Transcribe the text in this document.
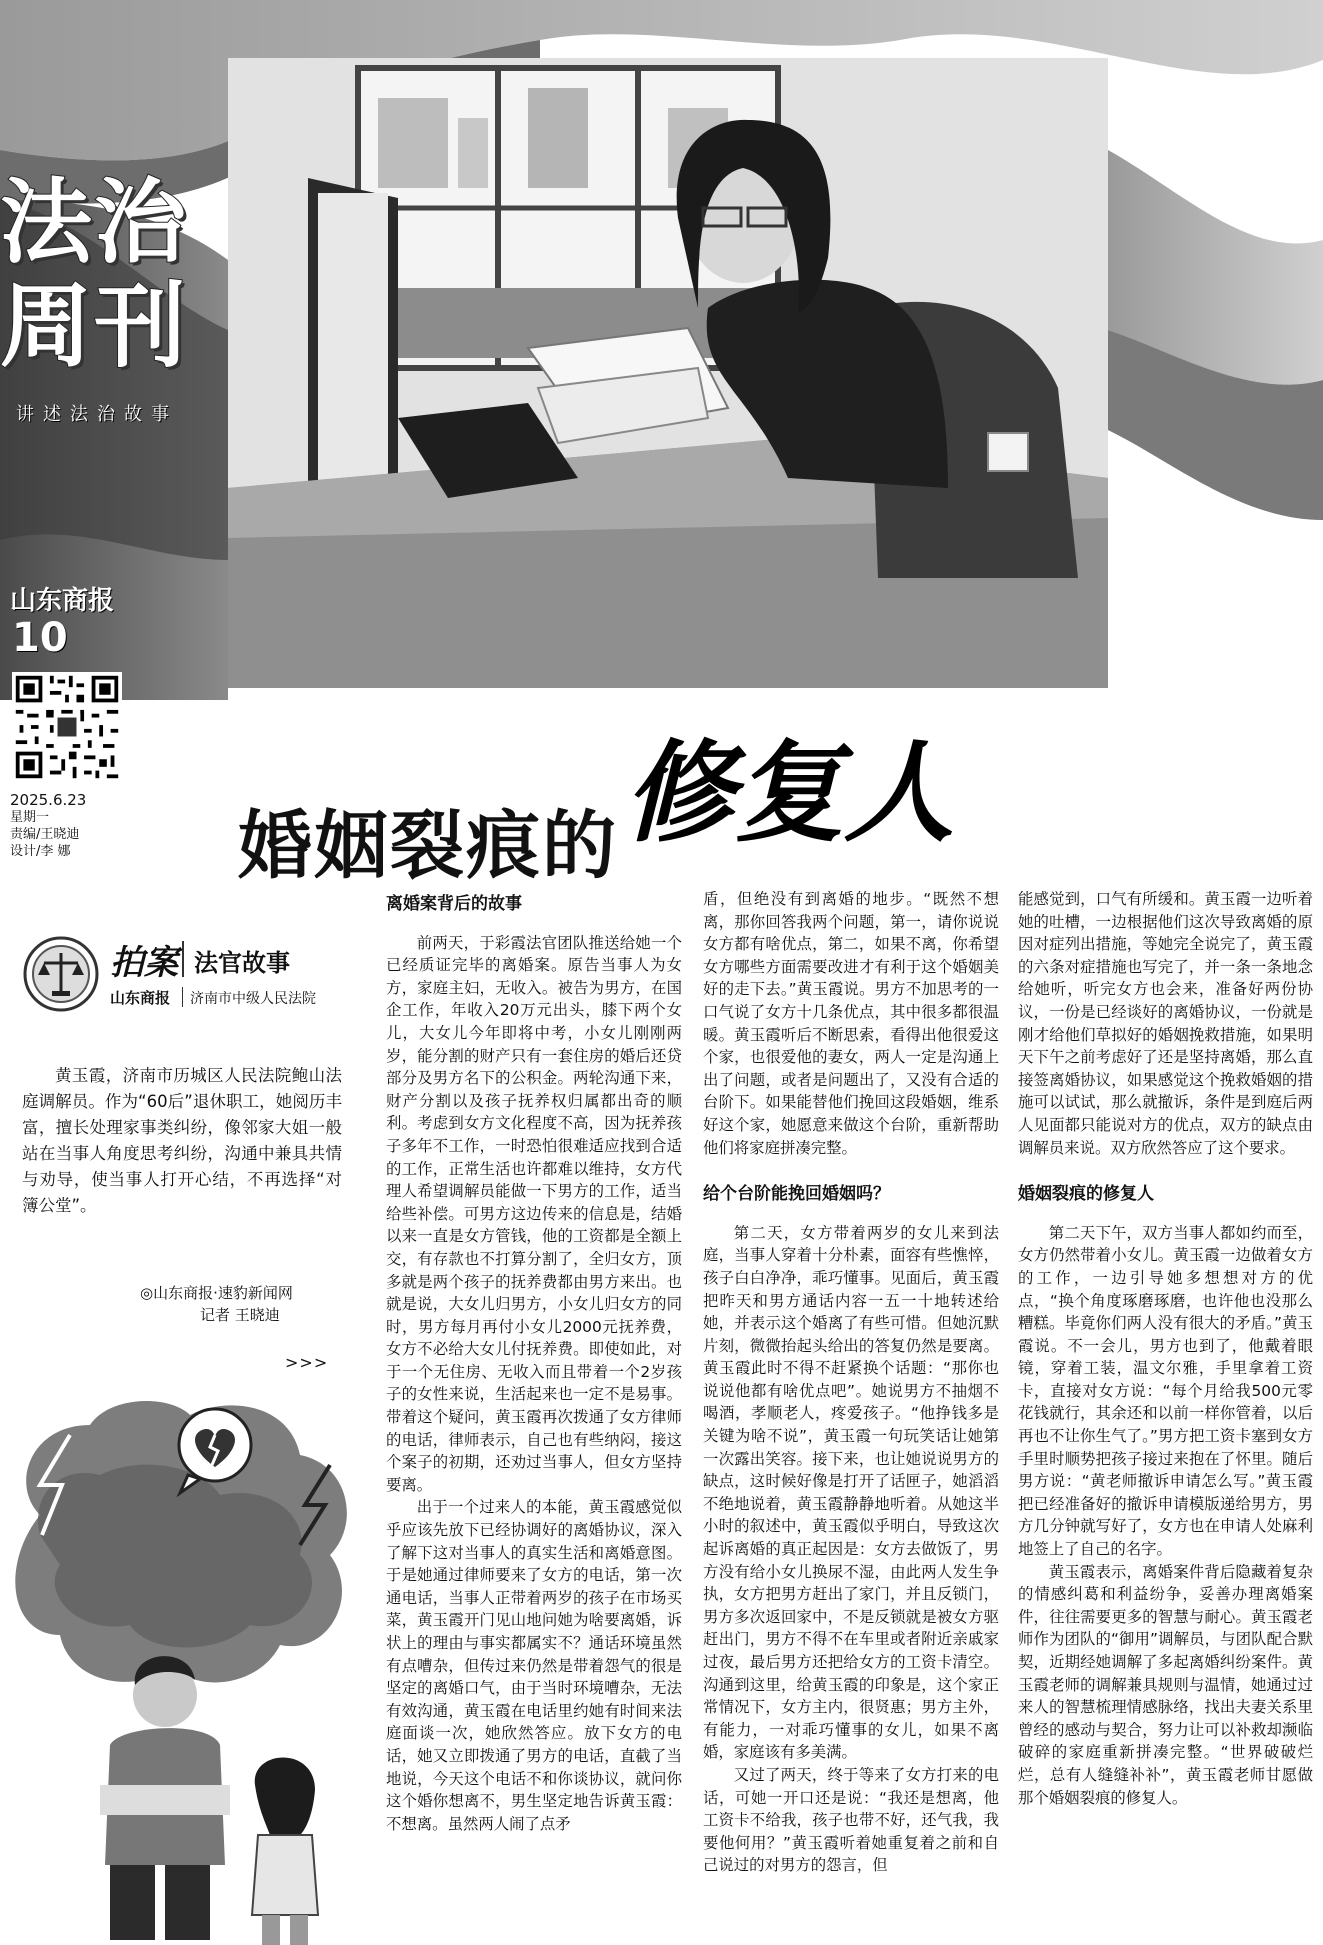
法治
周刊
讲述法治故事
山东商报
10
2025.6.23
星期一
责编/王晓迪
设计/李 娜 婚姻裂痕的修复人
拍案 法官故事
山东商报 济南市中级人民法院

黄玉霞，济南市历城区人民法院鲍山法庭调解员。作为“60后”退休职工，她阅历丰富，擅长处理家事类纠纷，像邻家大姐一般站在当事人角度思考纠纷，沟通中兼具共情与劝导，使当事人打开心结，不再选择“对簿公堂”。

◎山东商报·速豹新闻网
记者 王晓迪
>>>
离婚案背后的故事

前两天，于彩霞法官团队推送给她一个已经质证完毕的离婚案。原告当事人为女方，家庭主妇，无收入。被告为男方，在国企工作，年收入20万元出头，膝下两个女儿，大女儿今年即将中考，小女儿刚刚两岁，能分割的财产只有一套住房的婚后还贷部分及男方名下的公积金。两轮沟通下来，财产分割以及孩子抚养权归属都出奇的顺利。考虑到女方文化程度不高，因为抚养孩子多年不工作，一时恐怕很难适应找到合适的工作，正常生活也许都难以维持，女方代理人希望调解员能做一下男方的工作，适当给些补偿。可男方这边传来的信息是，结婚以来一直是女方管钱，他的工资都是全额上交，有存款也不打算分割了，全归女方，顶多就是两个孩子的抚养费都由男方来出。也就是说，大女儿归男方，小女儿归女方的同时，男方每月再付小女儿2000元抚养费，女方不必给大女儿付抚养费。即使如此，对于一个无住房、无收入而且带着一个2岁孩子的女性来说，生活起来也一定不是易事。带着这个疑问，黄玉霞再次拨通了女方律师的电话，律师表示，自己也有些纳闷，接这个案子的初期，还劝过当事人，但女方坚持要离。

出于一个过来人的本能，黄玉霞感觉似乎应该先放下已经协调好的离婚协议，深入了解下这对当事人的真实生活和离婚意图。于是她通过律师要来了女方的电话，第一次通电话，当事人正带着两岁的孩子在市场买菜，黄玉霞开门见山地问她为啥要离婚，诉状上的理由与事实都属实不？通话环境虽然有点嘈杂，但传过来仍然是带着怨气的很是坚定的离婚口气，由于当时环境嘈杂，无法有效沟通，黄玉霞在电话里约她有时间来法庭面谈一次，她欣然答应。放下女方的电话，她又立即拨通了男方的电话，直截了当地说，今天这个电话不和你谈协议，就问你这个婚你想离不，男生坚定地告诉黄玉霞：不想离。虽然两人闹了点矛

盾，但绝没有到离婚的地步。“既然不想离，那你回答我两个问题，第一，请你说说女方都有啥优点，第二，如果不离，你希望女方哪些方面需要改进才有利于这个婚姻美好的走下去。”黄玉霞说。男方不加思考的一口气说了女方十几条优点，其中很多都很温暖。黄玉霞听后不断思索，看得出他很爱这个家，也很爱他的妻女，两人一定是沟通上出了问题，或者是问题出了，又没有合适的台阶下。如果能替他们挽回这段婚姻，维系好这个家，她愿意来做这个台阶，重新帮助他们将家庭拼凑完整。

给个台阶能挽回婚姻吗？

第二天，女方带着两岁的女儿来到法庭，当事人穿着十分朴素，面容有些憔悴，孩子白白净净，乖巧懂事。见面后，黄玉霞把昨天和男方通话内容一五一十地转述给她，并表示这个婚离了有些可惜。但她沉默片刻，微微抬起头给出的答复仍然是要离。黄玉霞此时不得不赶紧换个话题：“那你也说说他都有啥优点吧”。她说男方不抽烟不喝酒，孝顺老人，疼爱孩子。“他挣钱多是关键为啥不说”，黄玉霞一句玩笑话让她第一次露出笑容。接下来，也让她说说男方的缺点，这时候好像是打开了话匣子，她滔滔不绝地说着，黄玉霞静静地听着。从她这半小时的叙述中，黄玉霞似乎明白，导致这次起诉离婚的真正起因是：女方去做饭了，男方没有给小女儿换尿不湿，由此两人发生争执，女方把男方赶出了家门，并且反锁门，男方多次返回家中，不是反锁就是被女方驱赶出门，男方不得不在车里或者附近亲戚家过夜，最后男方还把给女方的工资卡清空。沟通到这里，给黄玉霞的印象是，这个家正常情况下，女方主内，很贤惠；男方主外，有能力，一对乖巧懂事的女儿，如果不离婚，家庭该有多美满。

又过了两天，终于等来了女方打来的电话，可她一开口还是说：“我还是想离，他工资卡不给我，孩子也带不好，还气我，我要他何用？”黄玉霞听着她重复着之前和自己说过的对男方的怨言，但

能感觉到，口气有所缓和。黄玉霞一边听着她的吐槽，一边根据他们这次导致离婚的原因对症列出措施，等她完全说完了，黄玉霞的六条对症措施也写完了，并一条一条地念给她听，听完女方也会来，准备好两份协议，一份是已经谈好的离婚协议，一份就是刚才给他们草拟好的婚姻挽救措施，如果明天下午之前考虑好了还是坚持离婚，那么直接签离婚协议，如果感觉这个挽救婚姻的措施可以试试，那么就撤诉，条件是到庭后两人见面都只能说对方的优点，双方的缺点由调解员来说。双方欣然答应了这个要求。

婚姻裂痕的修复人

第二天下午，双方当事人都如约而至，女方仍然带着小女儿。黄玉霞一边做着女方的工作，一边引导她多想想对方的优点，“换个角度琢磨琢磨，也许他也没那么糟糕。毕竟你们两人没有很大的矛盾。”黄玉霞说。不一会儿，男方也到了，他戴着眼镜，穿着工装，温文尔雅，手里拿着工资卡，直接对女方说：“每个月给我500元零花钱就行，其余还和以前一样你管着，以后再也不让你生气了。”男方把工资卡塞到女方手里时顺势把孩子接过来抱在了怀里。随后男方说：“黄老师撤诉申请怎么写。”黄玉霞把已经准备好的撤诉申请模版递给男方，男方几分钟就写好了，女方也在申请人处麻利地签上了自己的名字。

黄玉霞表示，离婚案件背后隐藏着复杂的情感纠葛和利益纷争，妥善办理离婚案件，往往需要更多的智慧与耐心。黄玉霞老师作为团队的“御用”调解员，与团队配合默契，近期经她调解了多起离婚纠纷案件。黄玉霞老师的调解兼具规则与温情，她通过过来人的智慧梳理情感脉络，找出夫妻关系里曾经的感动与契合，努力让可以补救却濒临破碎的家庭重新拼凑完整。“世界破破烂烂，总有人缝缝补补”，黄玉霞老师甘愿做那个婚姻裂痕的修复人。
